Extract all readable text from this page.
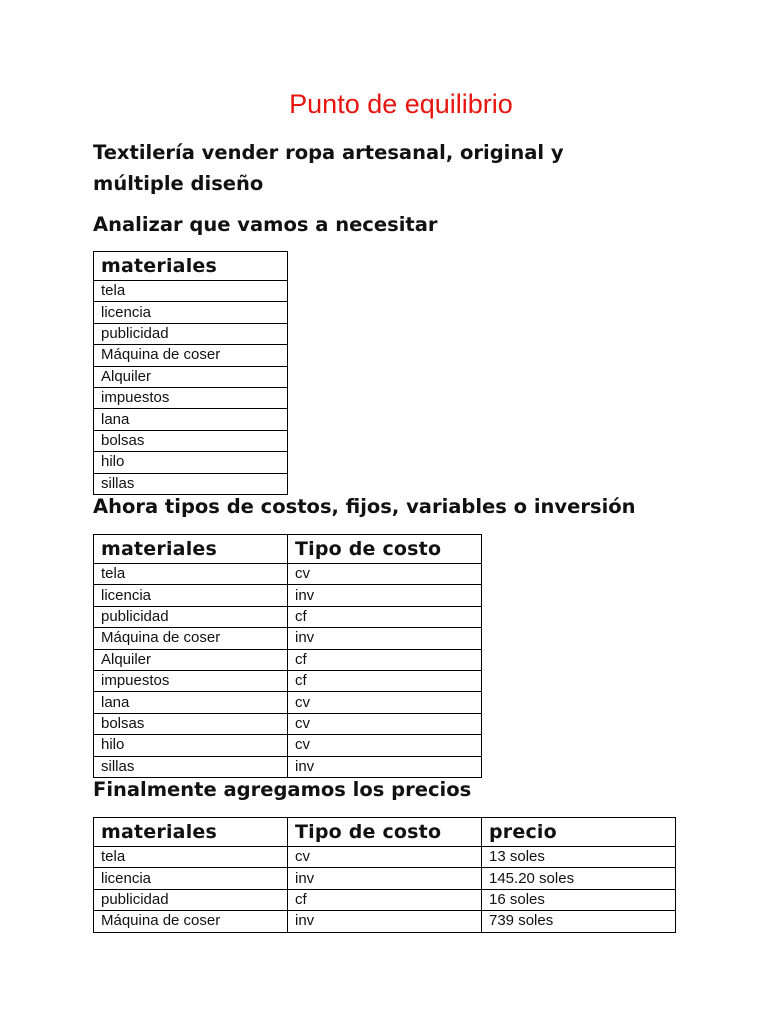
Punto de equilibrio
Textilería vender ropa artesanal, original y múltiple diseño
Analizar que vamos a necesitar
materiales
tela
licencia
publicidad
Máquina de coser
Alquiler
impuestos
lana
bolsas
hilo
sillas
Ahora tipos de costos, fijos, variables o inversión
materiales	Tipo de costo
tela	cv
licencia	inv
publicidad	cf
Máquina de coser	inv
Alquiler	cf
impuestos	cf
lana	cv
bolsas	cv
hilo	cv
sillas	inv
Finalmente agregamos los precios
materiales	Tipo de costo	precio
tela	cv	13 soles
licencia	inv	145.20 soles
publicidad	cf	16 soles
Máquina de coser	inv	739 soles
